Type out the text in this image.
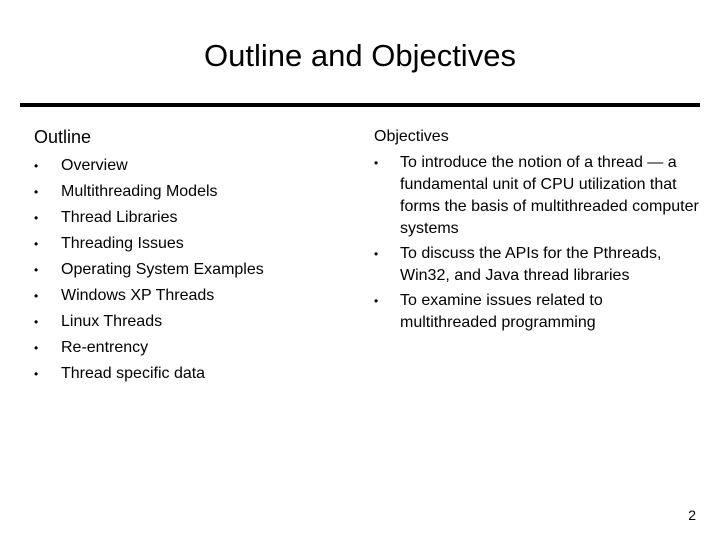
Outline and Objectives
Outline
• Overview
• Multithreading Models
• Thread Libraries
• Threading Issues
• Operating System Examples
• Windows XP Threads
• Linux Threads
• Re-entrency
• Thread specific data
Objectives
• To introduce the notion of a thread — a fundamental unit of CPU utilization that forms the basis of multithreaded computer systems
• To discuss the APIs for the Pthreads, Win32, and Java thread libraries
• To examine issues related to multithreaded programming
2
